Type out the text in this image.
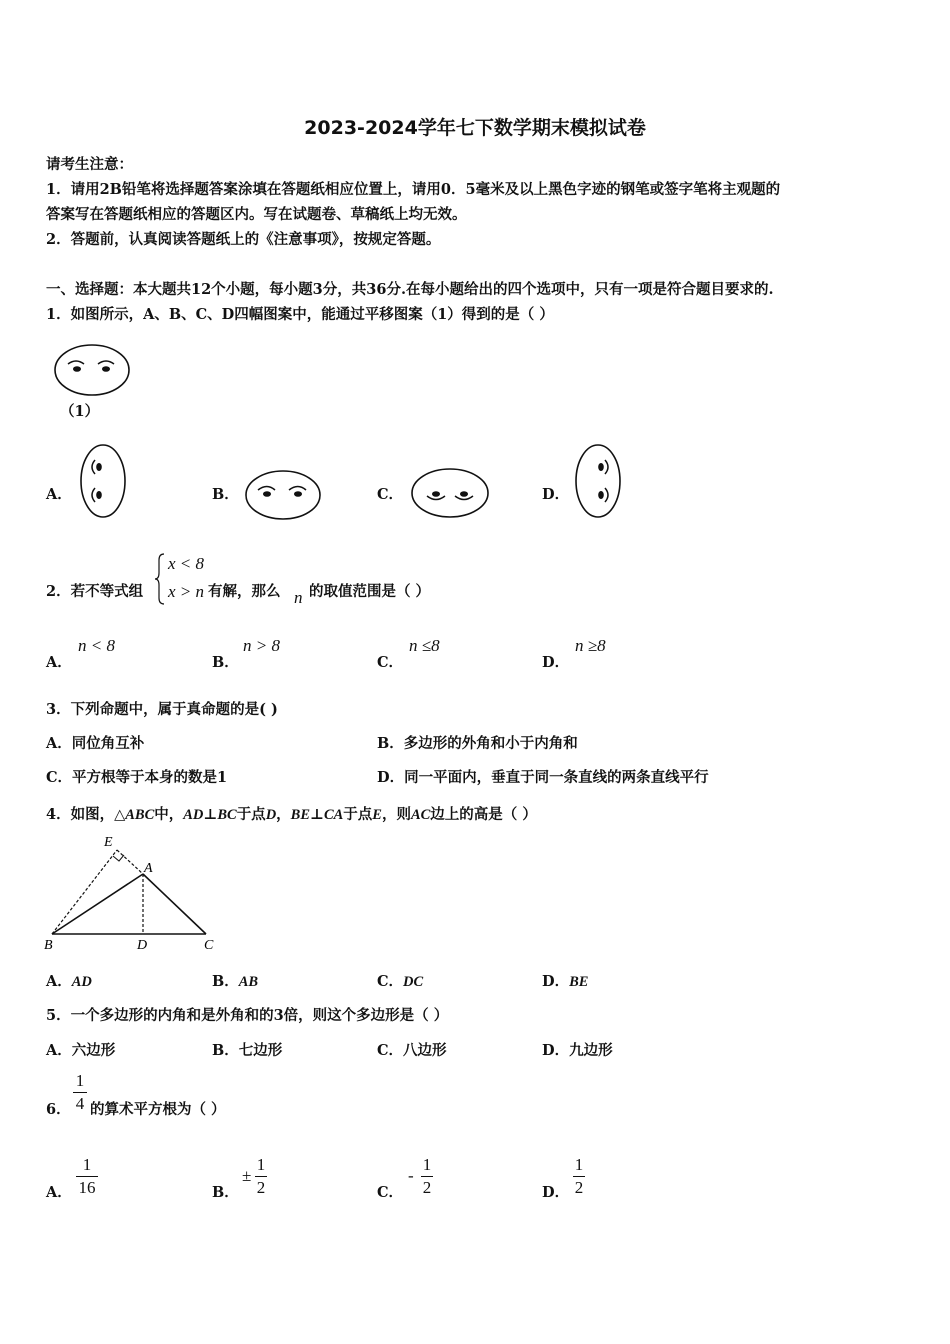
2023-2024学年七下数学期末模拟试卷
请考生注意：
1．请用2B铅笔将选择题答案涂填在答题纸相应位置上，请用0．5毫米及以上黑色字迹的钢笔或签字笔将主观题的
答案写在答题纸相应的答题区内。写在试题卷、草稿纸上均无效。
2．答题前，认真阅读答题纸上的《注意事项》，按规定答题。
一、选择题：本大题共12个小题，每小题3分，共36分.在每小题给出的四个选项中，只有一项是符合题目要求的.
1．如图所示，A、B、C、D四幅图案中，能通过平移图案（1）得到的是（ ）
（1）
A．	B．	C．	D．
2．若不等式组
x < 8
x > n 有解，那么 n 的取值范围是（ ）
A．
n < 8
B．
n > 8
C．
n ≤8
D．
n ≥8
3．下列命题中，属于真命题的是( )
A．同位角互补	B．多边形的外角和小于内角和
C．平方根等于本身的数是1	D．同一平面内，垂直于同一条直线的两条直线平行
4．如图，△ABC中，AD⊥BC于点D，BE⊥CA于点E，则AC边上的高是（ ）
E
A
B	D	C
A．AD	B．AB	C．DC	D．BE
5．一个多边形的内角和是外角和的3倍，则这个多边形是（ ）
A．六边形	B．七边形	C．八边形	D．九边形
6．
1
4 的算术平方根为（ ）
A．
1
16	B．
±
1
2	C．
-
1
2	D．
1
2
